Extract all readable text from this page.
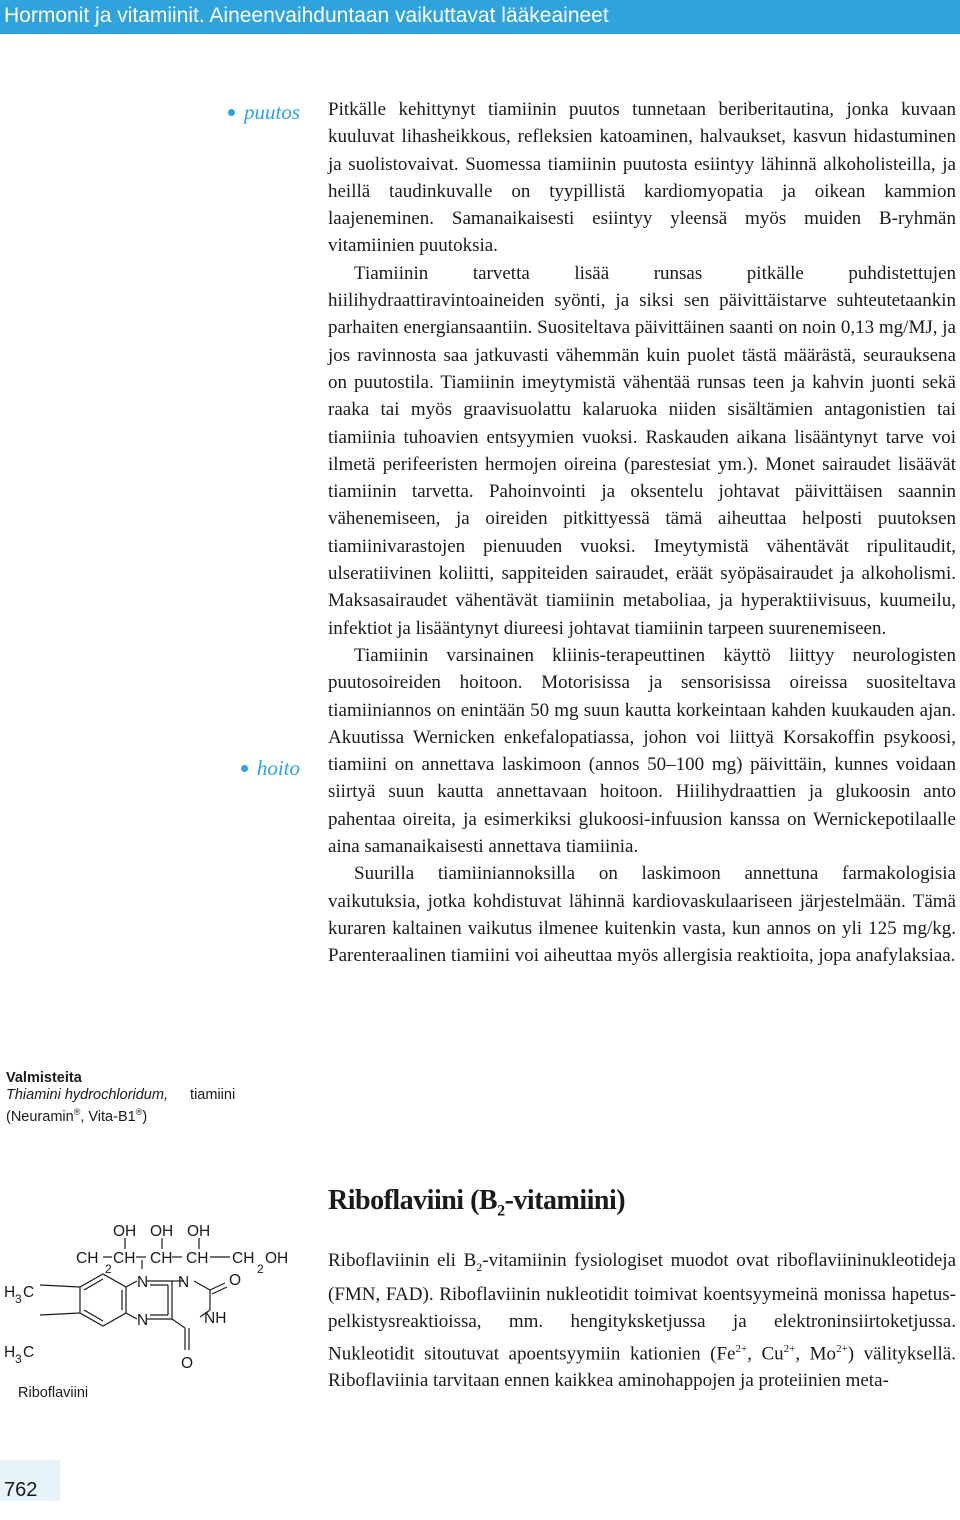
Hormonit ja vitamiinit. Aineenvaihduntaan vaikuttavat lääkeaineet
puutos
hoito

Pitkälle kehittynyt tiamiinin puutos tunnetaan beriberitautina, jonka kuvaan kuuluvat lihasheikkous, refleksien katoaminen, halvaukset, kasvun hidastuminen ja suolistovaivat. Suomessa tiamiinin puutosta esiintyy lähinnä alkoholisteilla, ja heillä taudinkuvalle on tyypillistä kardiomyopatia ja oikean kammion laajeneminen. Samanaikaisesti esiintyy yleensä myös muiden B-ryhmän vitamiinien puutoksia.

Tiamiinin tarvetta lisää runsas pitkälle puhdistettujen hiilihydraattiravintoaineiden syönti, ja siksi sen päivittäistarve suhteutetaankin parhaiten energiansaantiin. Suositeltava päivittäinen saanti on noin 0,13 mg/MJ, ja jos ravinnosta saa jatkuvasti vähemmän kuin puolet tästä määrästä, seurauksena on puutostila. Tiamiinin imeytymistä vähentää runsas teen ja kahvin juonti sekä raaka tai myös graavisuolattu kalaruoka niiden sisältämien antagonistien tai tiamiinia tuhoavien entsyymien vuoksi. Raskauden aikana lisääntynyt tarve voi ilmetä perifeeristen hermojen oireina (parestesiat ym.). Monet sairaudet lisäävät tiamiinin tarvetta. Pahoinvointi ja oksentelu johtavat päivittäisen saannin vähenemiseen, ja oireiden pitkittyessä tämä aiheuttaa helposti puutoksen tiamiinivarastojen pienuuden vuoksi. Imeytymistä vähentävät ripulitaudit, ulseratiivinen koliitti, sappiteiden sairaudet, eräät syöpäsairaudet ja alkoholismi. Maksasairaudet vähentävät tiamiinin metaboliaa, ja hyperaktiivisuus, kuumeilu, infektiot ja lisääntynyt diureesi johtavat tiamiinin tarpeen suurenemiseen.

Tiamiinin varsinainen kliinis-terapeuttinen käyttö liittyy neurologisten puutosoireiden hoitoon. Motorisissa ja sensorisissa oireissa suositeltava tiamiiniannos on enintään 50 mg suun kautta korkeintaan kahden kuukauden ajan. Akuutissa Wernicken enkefalopatiassa, johon voi liittyä Korsakoffin psykoosi, tiamiini on annettava laskimoon (annos 50–100 mg) päivittäin, kunnes voidaan siirtyä suun kautta annettavaan hoitoon. Hiilihydraattien ja glukoosin anto pahentaa oireita, ja esimerkiksi glukoosi-infuusion kanssa on Wernickepotilaalle aina samanaikaisesti annettava tiamiinia.

Suurilla tiamiiniannoksilla on laskimoon annettuna farmakologisia vaikutuksia, jotka kohdistuvat lähinnä kardiovaskulaariseen järjestelmään. Tämä kuraren kaltainen vaikutus ilmenee kuitenkin vasta, kun annos on yli 125 mg/kg. Parenteraalinen tiamiini voi aiheuttaa myös allergisia reaktioita, jopa anafylaksiaa.

Valmisteita
Thiamini hydrochloridum, tiamiini
(Neuramin®, Vita-B1®)
OH OH OH
CH CH CH CH CH OH
H C
H C
N N
N
O
NH
O
2	2
3
3
Riboflaviini
Riboflaviini $(B_2-vitamiini)$

Riboflaviinin eli $B_2$-vitamiinin fysiologiset muodot ovat riboflaviininukleotideja (FMN, FAD). Riboflaviinin nukleotidit toimivat koentsyymeinä monissa hapetus-pelkistysreaktioissa, mm. hengityksketjussa ja elektroninsiirtoketjussa. Nukleotidit sitoutuvat apoentsyymiin kationien ($Fe^{2+}$, $Cu^{2+}$, $Mo^{2+}$) välityksellä. Riboflaviinia tarvitaan ennen kaikkea aminohappojen ja proteiinien meta-

762
